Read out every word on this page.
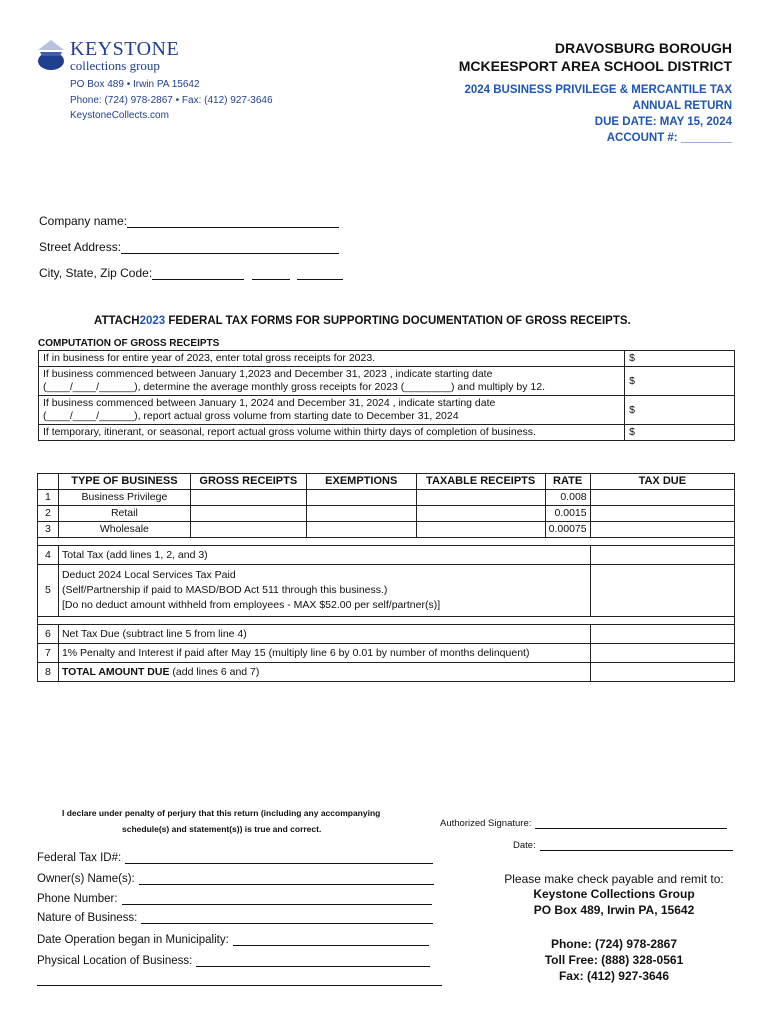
KEYSTONE
collections group
PO Box 489 • Irwin PA 15642
Phone: (724) 978-2867 • Fax: (412) 927-3646
KeystoneCollects.com
DRAVOSBURG BOROUGH
MCKEESPORT AREA SCHOOL DISTRICT
2024 BUSINESS PRIVILEGE & MERCANTILE TAX
ANNUAL RETURN
DUE DATE: MAY 15, 2024
ACCOUNT #: ________
Company name:
Street Address:
City, State, Zip Code:
ATTACH2023 FEDERAL TAX FORMS FOR SUPPORTING DOCUMENTATION OF GROSS RECEIPTS.
COMPUTATION OF GROSS RECEIPTS
If in business for entire year of 2023, enter total gross receipts for 2023.	$

If business commenced between January 1,2023 and December 31, 2023 , indicate starting date
(____/____/______), determine the average monthly gross receipts for 2023 (________) and multiply by 12.	$

If business commenced between January 1, 2024 and December 31, 2024 , indicate starting date
(____/____/______), report actual gross volume from starting date to December 31, 2024	$
If temporary, itinerant, or seasonal, report actual gross volume within thirty days of completion of business.	$
	TYPE OF BUSINESS	GROSS RECEIPTS	EXEMPTIONS	TAXABLE RECEIPTS	RATE	TAX DUE
1	Business Privilege				0.008	
2	Retail				0.0015	
3	Wholesale				0.00075	

4	Total Tax (add lines 1, 2, and 3)					
5	Deduct 2024 Local Services Tax Paid
(Self/Partnership if paid to MASD/BOD Act 511 through this business.)
[Do no deduct amount withheld from employees - MAX $52.00 per self/partner(s)]					

6	Net Tax Due (subtract line 5 from line 4)					
7	1% Penalty and Interest if paid after May 15 (multiply line 6 by 0.01 by number of months delinquent)					
8	TOTAL AMOUNT DUE (add lines 6 and 7)					
I declare under penalty of perjury that this return (including any accompanying
schedule(s) and statement(s)) is true and correct.	Authorized Signature:
Date:
Federal Tax ID#:
Owner(s) Name(s):
Phone Number:
Nature of Business:
Date Operation began in Municipality:
Physical Location of Business:
Please make check payable and remit to:
Keystone Collections Group
PO Box 489, Irwin PA, 15642
Phone: (724) 978-2867
Toll Free: (888) 328-0561
Fax: (412) 927-3646
